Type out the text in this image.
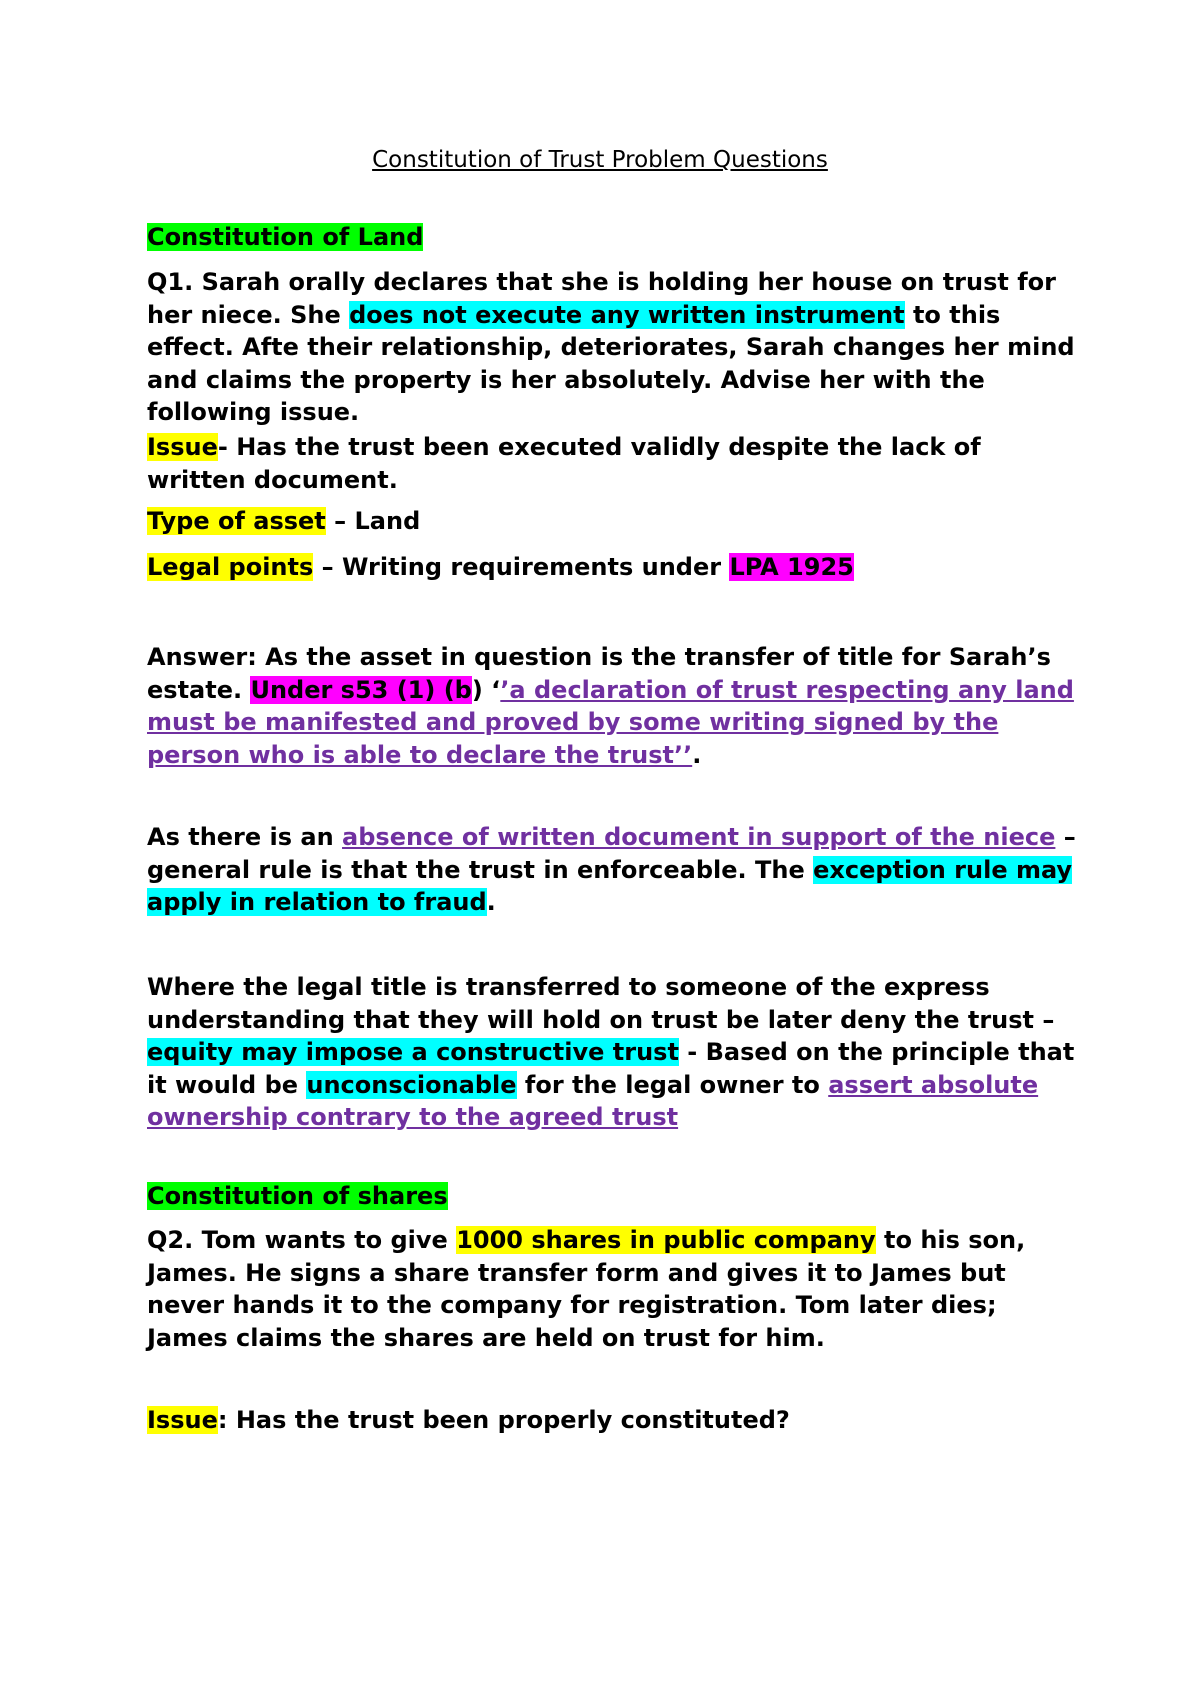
Constitution of Trust Problem Questions
Constitution of Land
Q1. Sarah orally declares that she is holding her house on trust for her niece. She does not execute any written instrument to this effect. Afte their relationship, deteriorates, Sarah changes her mind and claims the property is her absolutely. Advise her with the following issue.
Issue- Has the trust been executed validly despite the lack of written document.
Type of asset – Land
Legal points – Writing requirements under LPA 1925
Answer: As the asset in question is the transfer of title for Sarah’s estate. Under s53 (1) (b) ‘’a declaration of trust respecting any land must be manifested and proved by some writing signed by the person who is able to declare the trust’’.
As there is an absence of written document in support of the niece – general rule is that the trust in enforceable. The exception rule may apply in relation to fraud.
Where the legal title is transferred to someone of the express understanding that they will hold on trust be later deny the trust – equity may impose a constructive trust - Based on the principle that it would be unconscionable for the legal owner to assert absolute ownership contrary to the agreed trust
Constitution of shares
Q2. Tom wants to give 1000 shares in public company to his son, James. He signs a share transfer form and gives it to James but never hands it to the company for registration. Tom later dies; James claims the shares are held on trust for him.
Issue: Has the trust been properly constituted?
